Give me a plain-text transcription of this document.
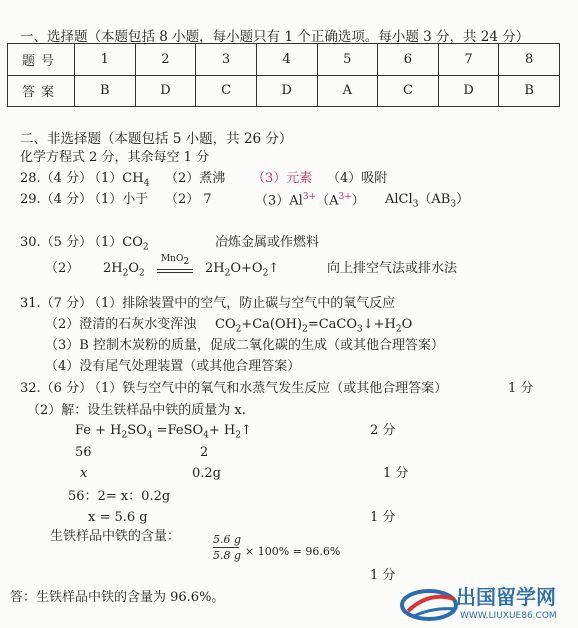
一、选择题（本题包括 8 小题，每小题只有 1 个正确选项。每小题 3 分，共 24 分）
题号	1	2	3	4	5	6	7	8
答案	B	D	C	D	A	C	D	B
二、非选择题（本题包括 5 小题，共 26 分）
化学方程式 2 分，其余每空 1 分
28.（4 分）
$(1)CH_4$ （2）煮沸 （3）元素 （4）吸附
29.（4 分）
（1）小于 （2） 7	$(3)Al^{3+}(A^{3+})$ $AlCl_3(AB_3)$
30.（5 分）
$(1)CO_2$	冶炼金属或作燃料
（2） $2H_2O_2$
MnO$_2$	$2H_2O+O_2↑$	向上排空气法或排水法
31.（7 分）
（1）排除装置中的空气，防止碳与空气中的氧气反应
（2）澄清的石灰水变浑浊 $CO_2+Ca(OH)_2=CaCO_3↓+H_2O$
（3）B 控制木炭粉的质量，促成二氧化碳的生成（或其他合理答案）
（4）没有尾气处理装置（或其他合理答案）
32.（6 分）
（1）铁与空气中的氧气和水蒸气发生反应（或其他合理答案）	1 分
（2）解：设生铁样品中铁的质量为 x.
$Fe + H_2SO_4$ =FeSO$_4$+ $H_2↑$	2 分
56	2
x	0.2g	1 分
56：2= x：0.2g
x = 5.6 g	1 分
生铁样品中铁的含量：	5.6 g
5.8 g × 100% = 96.6%
1 分
答：生铁样品中铁的含量为 96.6%。	出国留学网
WWW.LIUXUE86.COM
